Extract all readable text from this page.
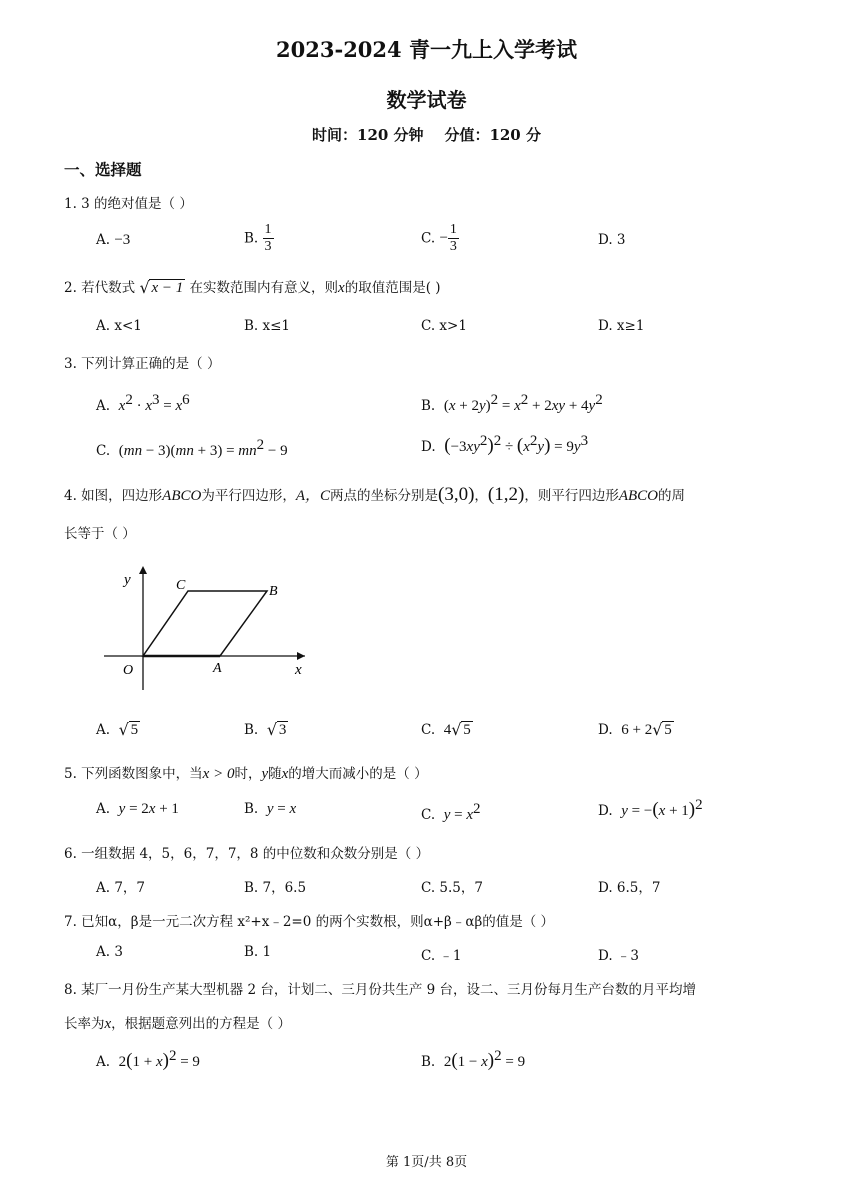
2023-2024 青一九上入学考试
数学试卷
时间：120 分钟    分值：120 分
一、选择题
1. 3 的绝对值是（ ）
A. −3	B. $\frac{1}{3}$	C. − $\frac{1}{3}$	D. 3
2. 若代数式 √ x − 1 在实数范围内有意义，则x的取值范围是( )
A. x<1	B. x≤1	C. x>1	D. x≥1
3. 下列计算正确的是（ ）
A. $x^2 \cdot x^3 = x^6$	B. $(x + 2y)^2 = x^2 + 2xy + 4y^2$
C. $(mn - 3)(mn + 3) = mn^2 - 9$	D. $(-3xy^2)^2 \div (x^2y) = 9y^3$
4. 如图，四边形ABCO为平行四边形，A，C两点的坐标分别是(3,0)，(1,2)，则平行四边形ABCO的周
长等于（ ）
y
x
O	A
B
C
A. √ 5	B. √ 3	C. 4 √ 5	D. 6 + 2 √ 5
5. 下列函数图象中，当x > 0时，y随x的增大而减小的是（ ）
A. y = 2x + 1	B. y = x	C. $y = x^2$	D. $y = -(x + 1)^2$
6. 一组数据 4，5，6，7，7，8 的中位数和众数分别是（ ）
A. 7，7	B. 7，6.5	C. 5.5，7	D. 6.5，7
7. 已知α，β是一元二次方程 x²+x﹣2=0 的两个实数根，则α+β﹣αβ的值是（ ）
A. 3	B. 1	C. ﹣1	D. ﹣3
8. 某厂一月份生产某大型机器 2 台，计划二、三月份共生产 9 台，设二、三月份每月生产台数的月平均增
长率为x，根据题意列出的方程是（ ）
A. $2(1 + x)^2 = 9$	B. $2(1 - x)^2 = 9$
第 1页/共 8页
